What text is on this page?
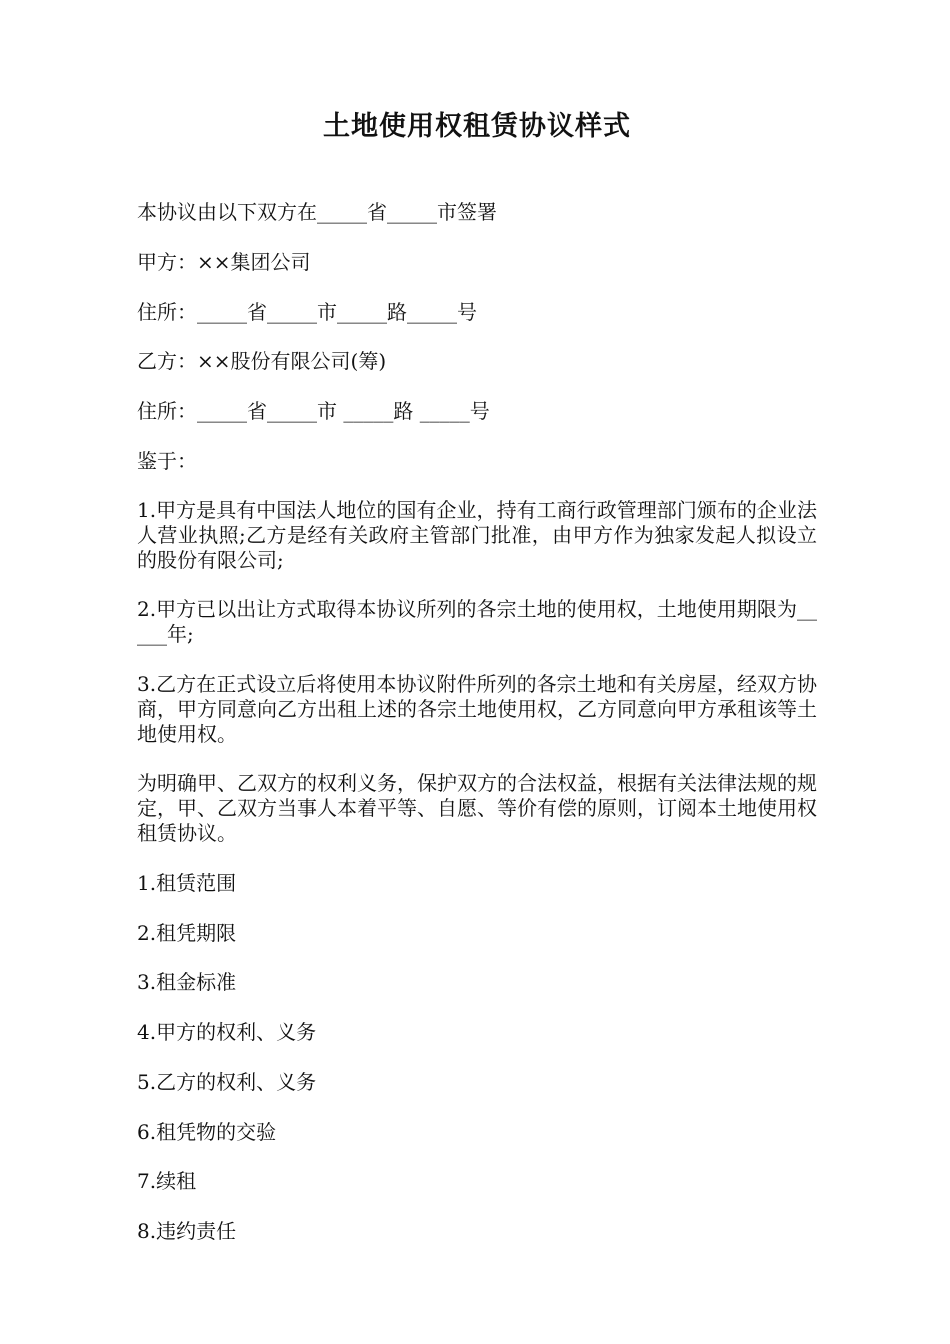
土地使用权租赁协议样式
本协议由以下双方在_____省_____市签署
甲方：××集团公司
住所：_____省_____市_____路_____号
乙方：××股份有限公司(筹)
住所：_____省_____市 _____路 _____号
鉴于：
1.甲方是具有中国法人地位的国有企业，持有工商行政管理部门颁布的企业法人营业执照;乙方是经有关政府主管部门批准，由甲方作为独家发起人拟设立的股份有限公司;
2.甲方已以出让方式取得本协议所列的各宗土地的使用权，土地使用期限为_____年;
3.乙方在正式设立后将使用本协议附件所列的各宗土地和有关房屋，经双方协商，甲方同意向乙方出租上述的各宗土地使用权，乙方同意向甲方承租该等土地使用权。
为明确甲、乙双方的权利义务，保护双方的合法权益，根据有关法律法规的规定，甲、乙双方当事人本着平等、自愿、等价有偿的原则，订阅本土地使用权租赁协议。
1.租赁范围
2.租凭期限
3.租金标准
4.甲方的权利、义务
5.乙方的权利、义务
6.租凭物的交验
7.续租
8.违约责任
